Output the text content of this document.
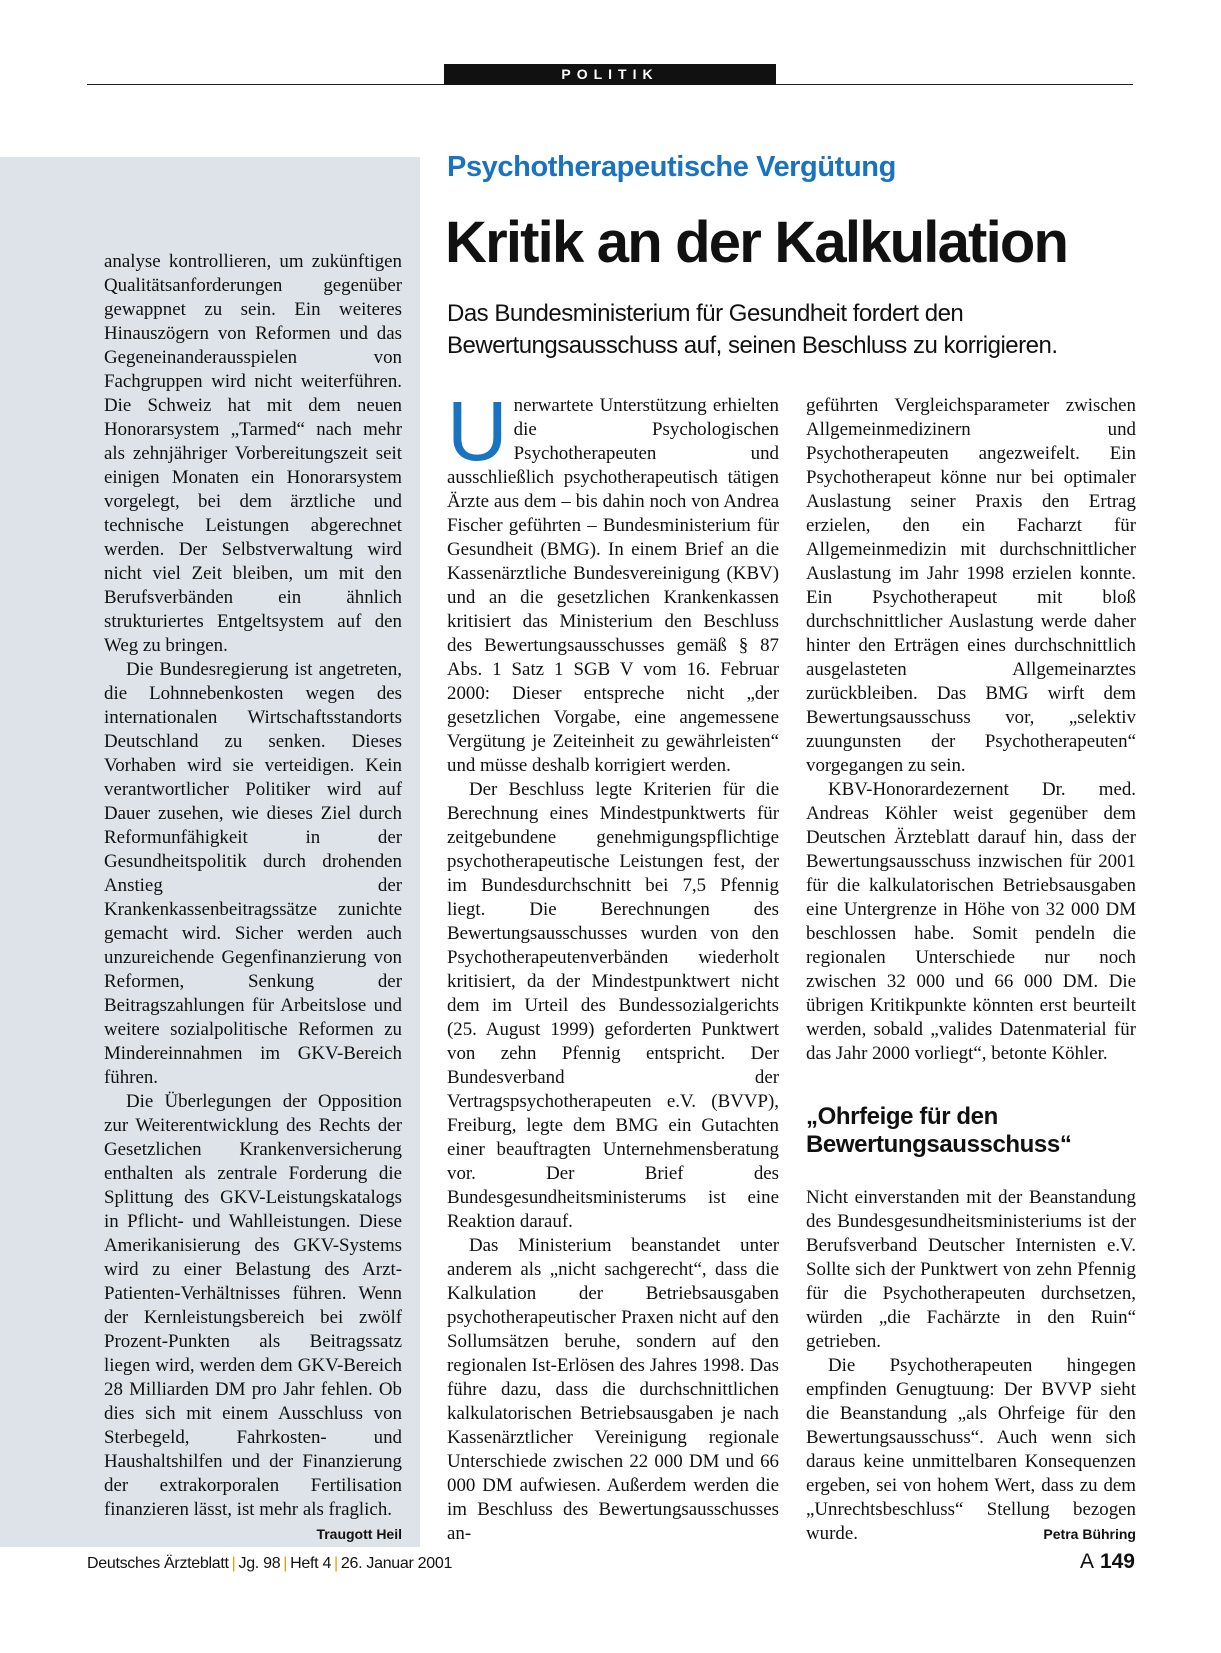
POLITIK

analyse kontrollieren, um zukünftigen Qualitätsanforderungen gegenüber gewappnet zu sein. Ein weiteres Hinauszögern von Reformen und das Gegeneinanderausspielen von Fachgruppen wird nicht weiterführen. Die Schweiz hat mit dem neuen Honorarsystem „Tarmed“ nach mehr als zehnjähriger Vorbereitungszeit seit einigen Monaten ein Honorarsystem vorgelegt, bei dem ärztliche und technische Leistungen abgerechnet werden. Der Selbstverwaltung wird nicht viel Zeit bleiben, um mit den Berufsverbänden ein ähnlich strukturiertes Entgeltsystem auf den Weg zu bringen.

Die Bundesregierung ist angetreten, die Lohnnebenkosten wegen des internationalen Wirtschaftsstandorts Deutschland zu senken. Dieses Vorhaben wird sie verteidigen. Kein verantwortlicher Politiker wird auf Dauer zusehen, wie dieses Ziel durch Reformunfähigkeit in der Gesundheitspolitik durch drohenden Anstieg der Krankenkassenbeitragssätze zunichte gemacht wird. Sicher werden auch unzureichende Gegenfinanzierung von Reformen, Senkung der Beitragszahlungen für Arbeitslose und weitere sozialpolitische Reformen zu Mindereinnahmen im GKV-Bereich führen.

Die Überlegungen der Opposition zur Weiterentwicklung des Rechts der Gesetzlichen Krankenversicherung enthalten als zentrale Forderung die Splittung des GKV-Leistungskatalogs in Pflicht- und Wahlleistungen. Diese Amerikanisierung des GKV-Systems wird zu einer Belastung des Arzt-Patienten-Verhältnisses führen. Wenn der Kernleistungsbereich bei zwölf Prozent-Punkten als Beitragssatz liegen wird, werden dem GKV-Bereich 28 Milliarden DM pro Jahr fehlen. Ob dies sich mit einem Ausschluss von Sterbegeld, Fahrkosten- und Haushaltshilfen und der Finanzierung der extrakorporalen Fertilisation finanzieren lässt, ist mehr als fraglich.
Traugott Heil

Psychotherapeutische Vergütung
Kritik an der Kalkulation

Das Bundesministerium für Gesundheit fordert den
Bewertungsausschuss auf, seinen Beschluss zu korrigieren.

Unerwartete Unterstützung erhielten die Psychologischen Psychotherapeuten und ausschließlich psychotherapeutisch tätigen Ärzte aus dem – bis dahin noch von Andrea Fischer geführten – Bundesministerium für Gesundheit (BMG). In einem Brief an die Kassenärztliche Bundesvereinigung (KBV) und an die gesetzlichen Krankenkassen kritisiert das Ministerium den Beschluss des Bewertungsausschusses gemäß § 87 Abs. 1 Satz 1 SGB V vom 16. Februar 2000: Dieser entspreche nicht „der gesetzlichen Vorgabe, eine angemessene Vergütung je Zeiteinheit zu gewährleisten“ und müsse deshalb korrigiert werden.

Der Beschluss legte Kriterien für die Berechnung eines Mindestpunktwerts für zeitgebundene genehmigungspflichtige psychotherapeutische Leistungen fest, der im Bundesdurchschnitt bei 7,5 Pfennig liegt. Die Berechnungen des Bewertungsausschusses wurden von den Psychotherapeutenverbänden wiederholt kritisiert, da der Mindestpunktwert nicht dem im Urteil des Bundessozialgerichts (25. August 1999) geforderten Punktwert von zehn Pfennig entspricht. Der Bundesverband der Vertragspsychotherapeuten e.V. (BVVP), Freiburg, legte dem BMG ein Gutachten einer beauftragten Unternehmensberatung vor. Der Brief des Bundesgesundheitsministerums ist eine Reaktion darauf.

Das Ministerium beanstandet unter anderem als „nicht sachgerecht“, dass die Kalkulation der Betriebsausgaben psychotherapeutischer Praxen nicht auf den Sollumsätzen beruhe, sondern auf den regionalen Ist-Erlösen des Jahres 1998. Das führe dazu, dass die durchschnittlichen kalkulatorischen Betriebsausgaben je nach Kassenärztlicher Vereinigung regionale Unterschiede zwischen 22 000 DM und 66 000 DM aufwiesen. Außerdem werden die im Beschluss des Bewertungsausschusses an-

geführten Vergleichsparameter zwischen Allgemeinmedizinern und Psychotherapeuten angezweifelt. Ein Psychotherapeut könne nur bei optimaler Auslastung seiner Praxis den Ertrag erzielen, den ein Facharzt für Allgemeinmedizin mit durchschnittlicher Auslastung im Jahr 1998 erzielen konnte. Ein Psychotherapeut mit bloß durchschnittlicher Auslastung werde daher hinter den Erträgen eines durchschnittlich ausgelasteten Allgemeinarztes zurückbleiben. Das BMG wirft dem Bewertungsausschuss vor, „selektiv zuungunsten der Psychotherapeuten“ vorgegangen zu sein.

KBV-Honorardezernent Dr. med. Andreas Köhler weist gegenüber dem Deutschen Ärzteblatt darauf hin, dass der Bewertungsausschuss inzwischen für 2001 für die kalkulatorischen Betriebsausgaben eine Untergrenze in Höhe von 32 000 DM beschlossen habe. Somit pendeln die regionalen Unterschiede nur noch zwischen 32 000 und 66 000 DM. Die übrigen Kritikpunkte könnten erst beurteilt werden, sobald „valides Datenmaterial für das Jahr 2000 vorliegt“, betonte Köhler.

„Ohrfeige für den
Bewertungsausschuss“

Nicht einverstanden mit der Beanstandung des Bundesgesundheitsministeriums ist der Berufsverband Deutscher Internisten e.V. Sollte sich der Punktwert von zehn Pfennig für die Psychotherapeuten durchsetzen, würden „die Fachärzte in den Ruin“ getrieben.

Die Psychotherapeuten hingegen empfinden Genugtuung: Der BVVP sieht die Beanstandung „als Ohrfeige für den Bewertungsausschuss“. Auch wenn sich daraus keine unmittelbaren Konsequenzen ergeben, sei von hohem Wert, dass zu dem „Unrechtsbeschluss“ Stellung bezogen wurde.	Petra Bühring

Deutsches Ärzteblatt | Jg. 98 | Heft 4 | 26. Januar 2001	A 149
